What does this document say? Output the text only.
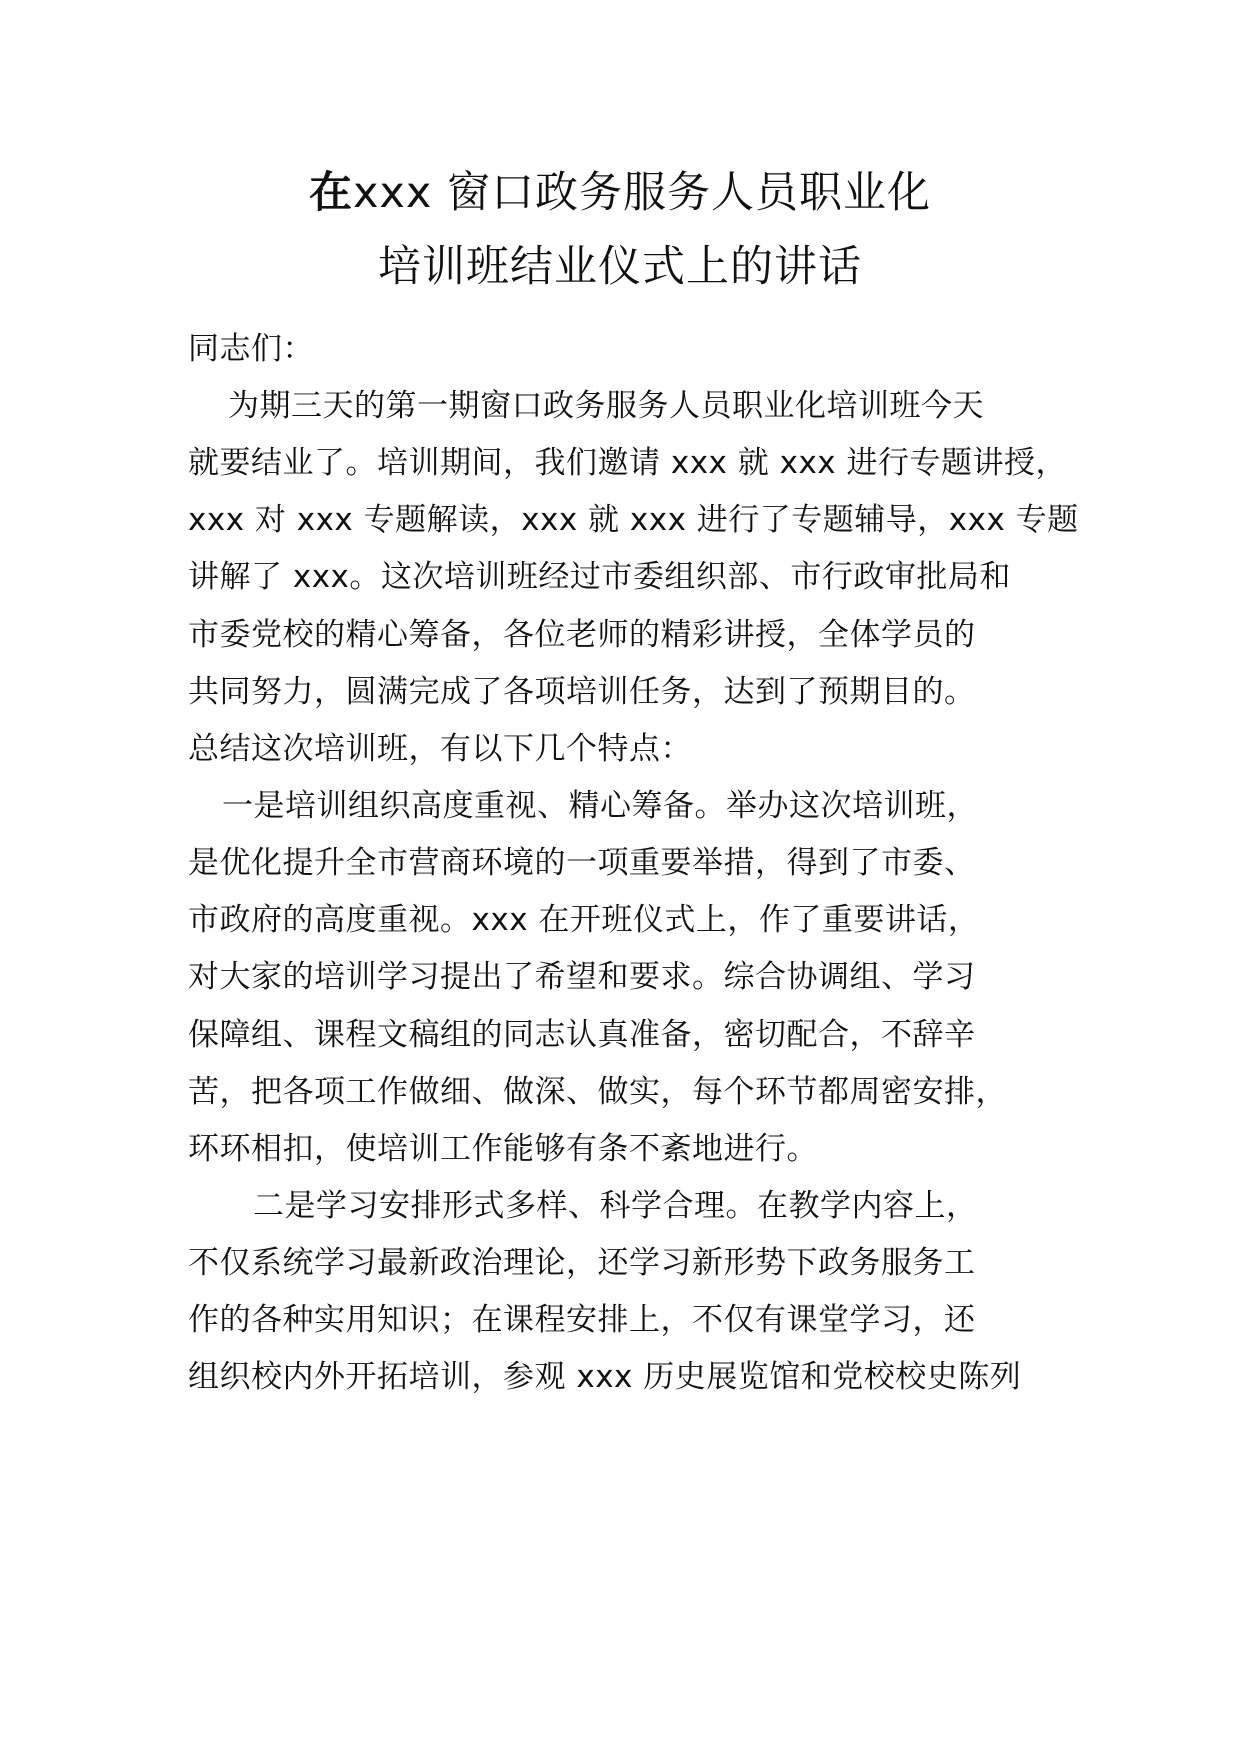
在xxx 窗口政务服务人员职业化
培训班结业仪式上的讲话
同志们：
为期三天的第一期窗口政务服务人员职业化培训班今天
就要结业了。培训期间，我们邀请 xxx 就 xxx 进行专题讲授，
xxx 对 xxx 专题解读，xxx 就 xxx 进行了专题辅导，xxx 专题
讲解了 xxx。这次培训班经过市委组织部、市行政审批局和
市委党校的精心筹备，各位老师的精彩讲授，全体学员的
共同努力，圆满完成了各项培训任务，达到了预期目的。
总结这次培训班，有以下几个特点：
一是培训组织高度重视、精心筹备。举办这次培训班，
是优化提升全市营商环境的一项重要举措，得到了市委、
市政府的高度重视。xxx 在开班仪式上，作了重要讲话，
对大家的培训学习提出了希望和要求。综合协调组、学习
保障组、课程文稿组的同志认真准备，密切配合，不辞辛
苦，把各项工作做细、做深、做实，每个环节都周密安排，
环环相扣，使培训工作能够有条不紊地进行。
二是学习安排形式多样、科学合理。在教学内容上，
不仅系统学习最新政治理论，还学习新形势下政务服务工
作的各种实用知识；在课程安排上，不仅有课堂学习，还
组织校内外开拓培训，参观 xxx 历史展览馆和党校校史陈列
